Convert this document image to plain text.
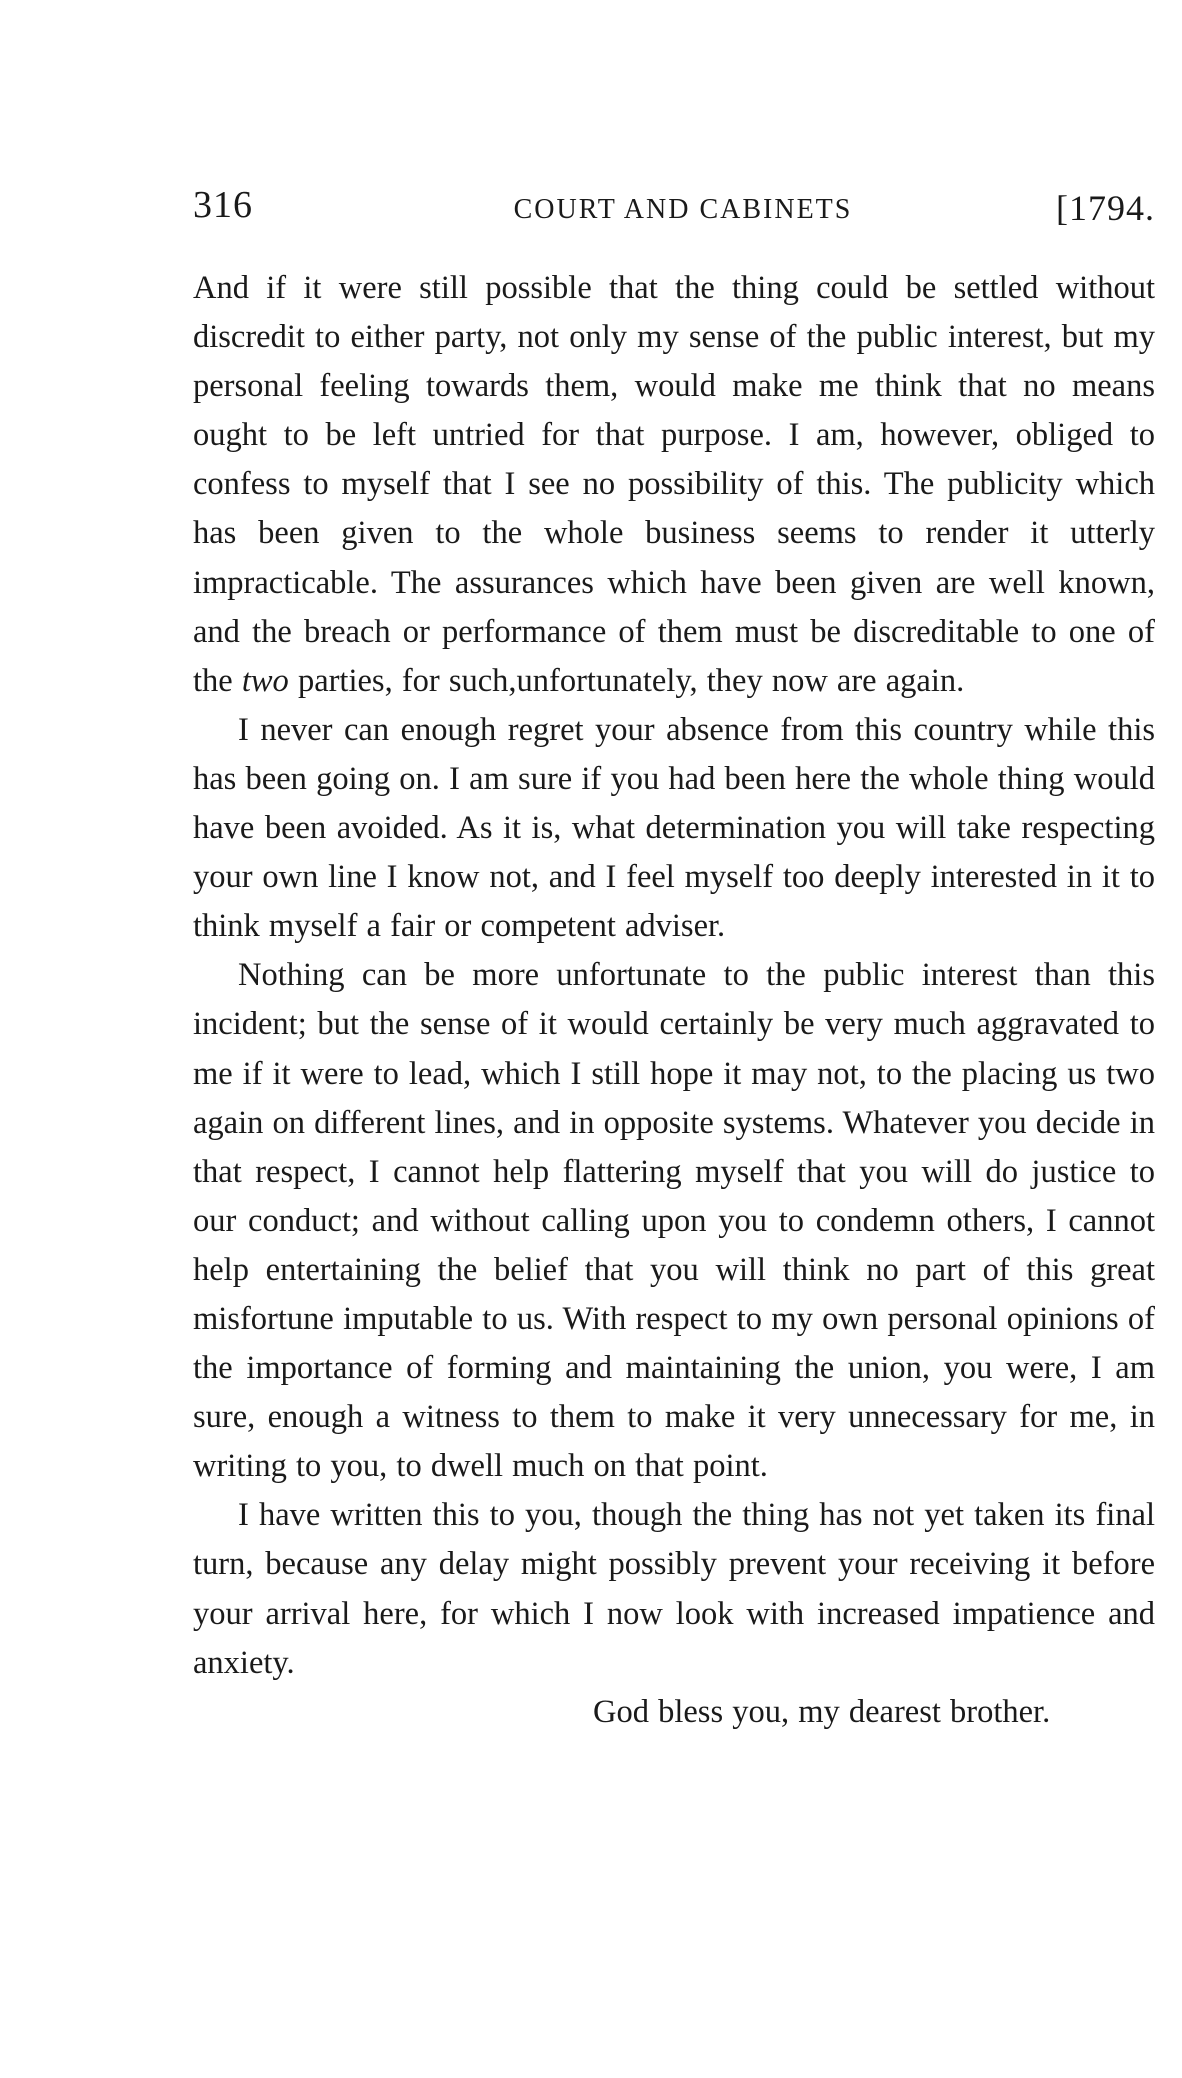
316	COURT AND CABINETS	[1794.

And if it were still possible that the thing could be settled without discredit to either party, not only my sense of the public interest, but my personal feeling towards them, would make me think that no means ought to be left untried for that purpose. I am, however, obliged to confess to myself that I see no possibility of this. The publicity which has been given to the whole business seems to render it utterly impracticable. The assurances which have been given are well known, and the breach or performance of them must be discreditable to one of the two parties, for such,unfortunately, they now are again.

I never can enough regret your absence from this country while this has been going on. I am sure if you had been here the whole thing would have been avoided. As it is, what determination you will take respecting your own line I know not, and I feel myself too deeply interested in it to think myself a fair or competent adviser.

Nothing can be more unfortunate to the public interest than this incident; but the sense of it would certainly be very much aggravated to me if it were to lead, which I still hope it may not, to the placing us two again on different lines, and in opposite systems. Whatever you decide in that respect, I cannot help flattering myself that you will do justice to our conduct; and without calling upon you to condemn others, I cannot help entertaining the belief that you will think no part of this great misfortune imputable to us. With respect to my own personal opinions of the importance of forming and maintaining the union, you were, I am sure, enough a witness to them to make it very unnecessary for me, in writing to you, to dwell much on that point.

I have written this to you, though the thing has not yet taken its final turn, because any delay might possibly prevent your receiving it before your arrival here, for which I now look with increased impatience and anxiety.

God bless you, my dearest brother.
